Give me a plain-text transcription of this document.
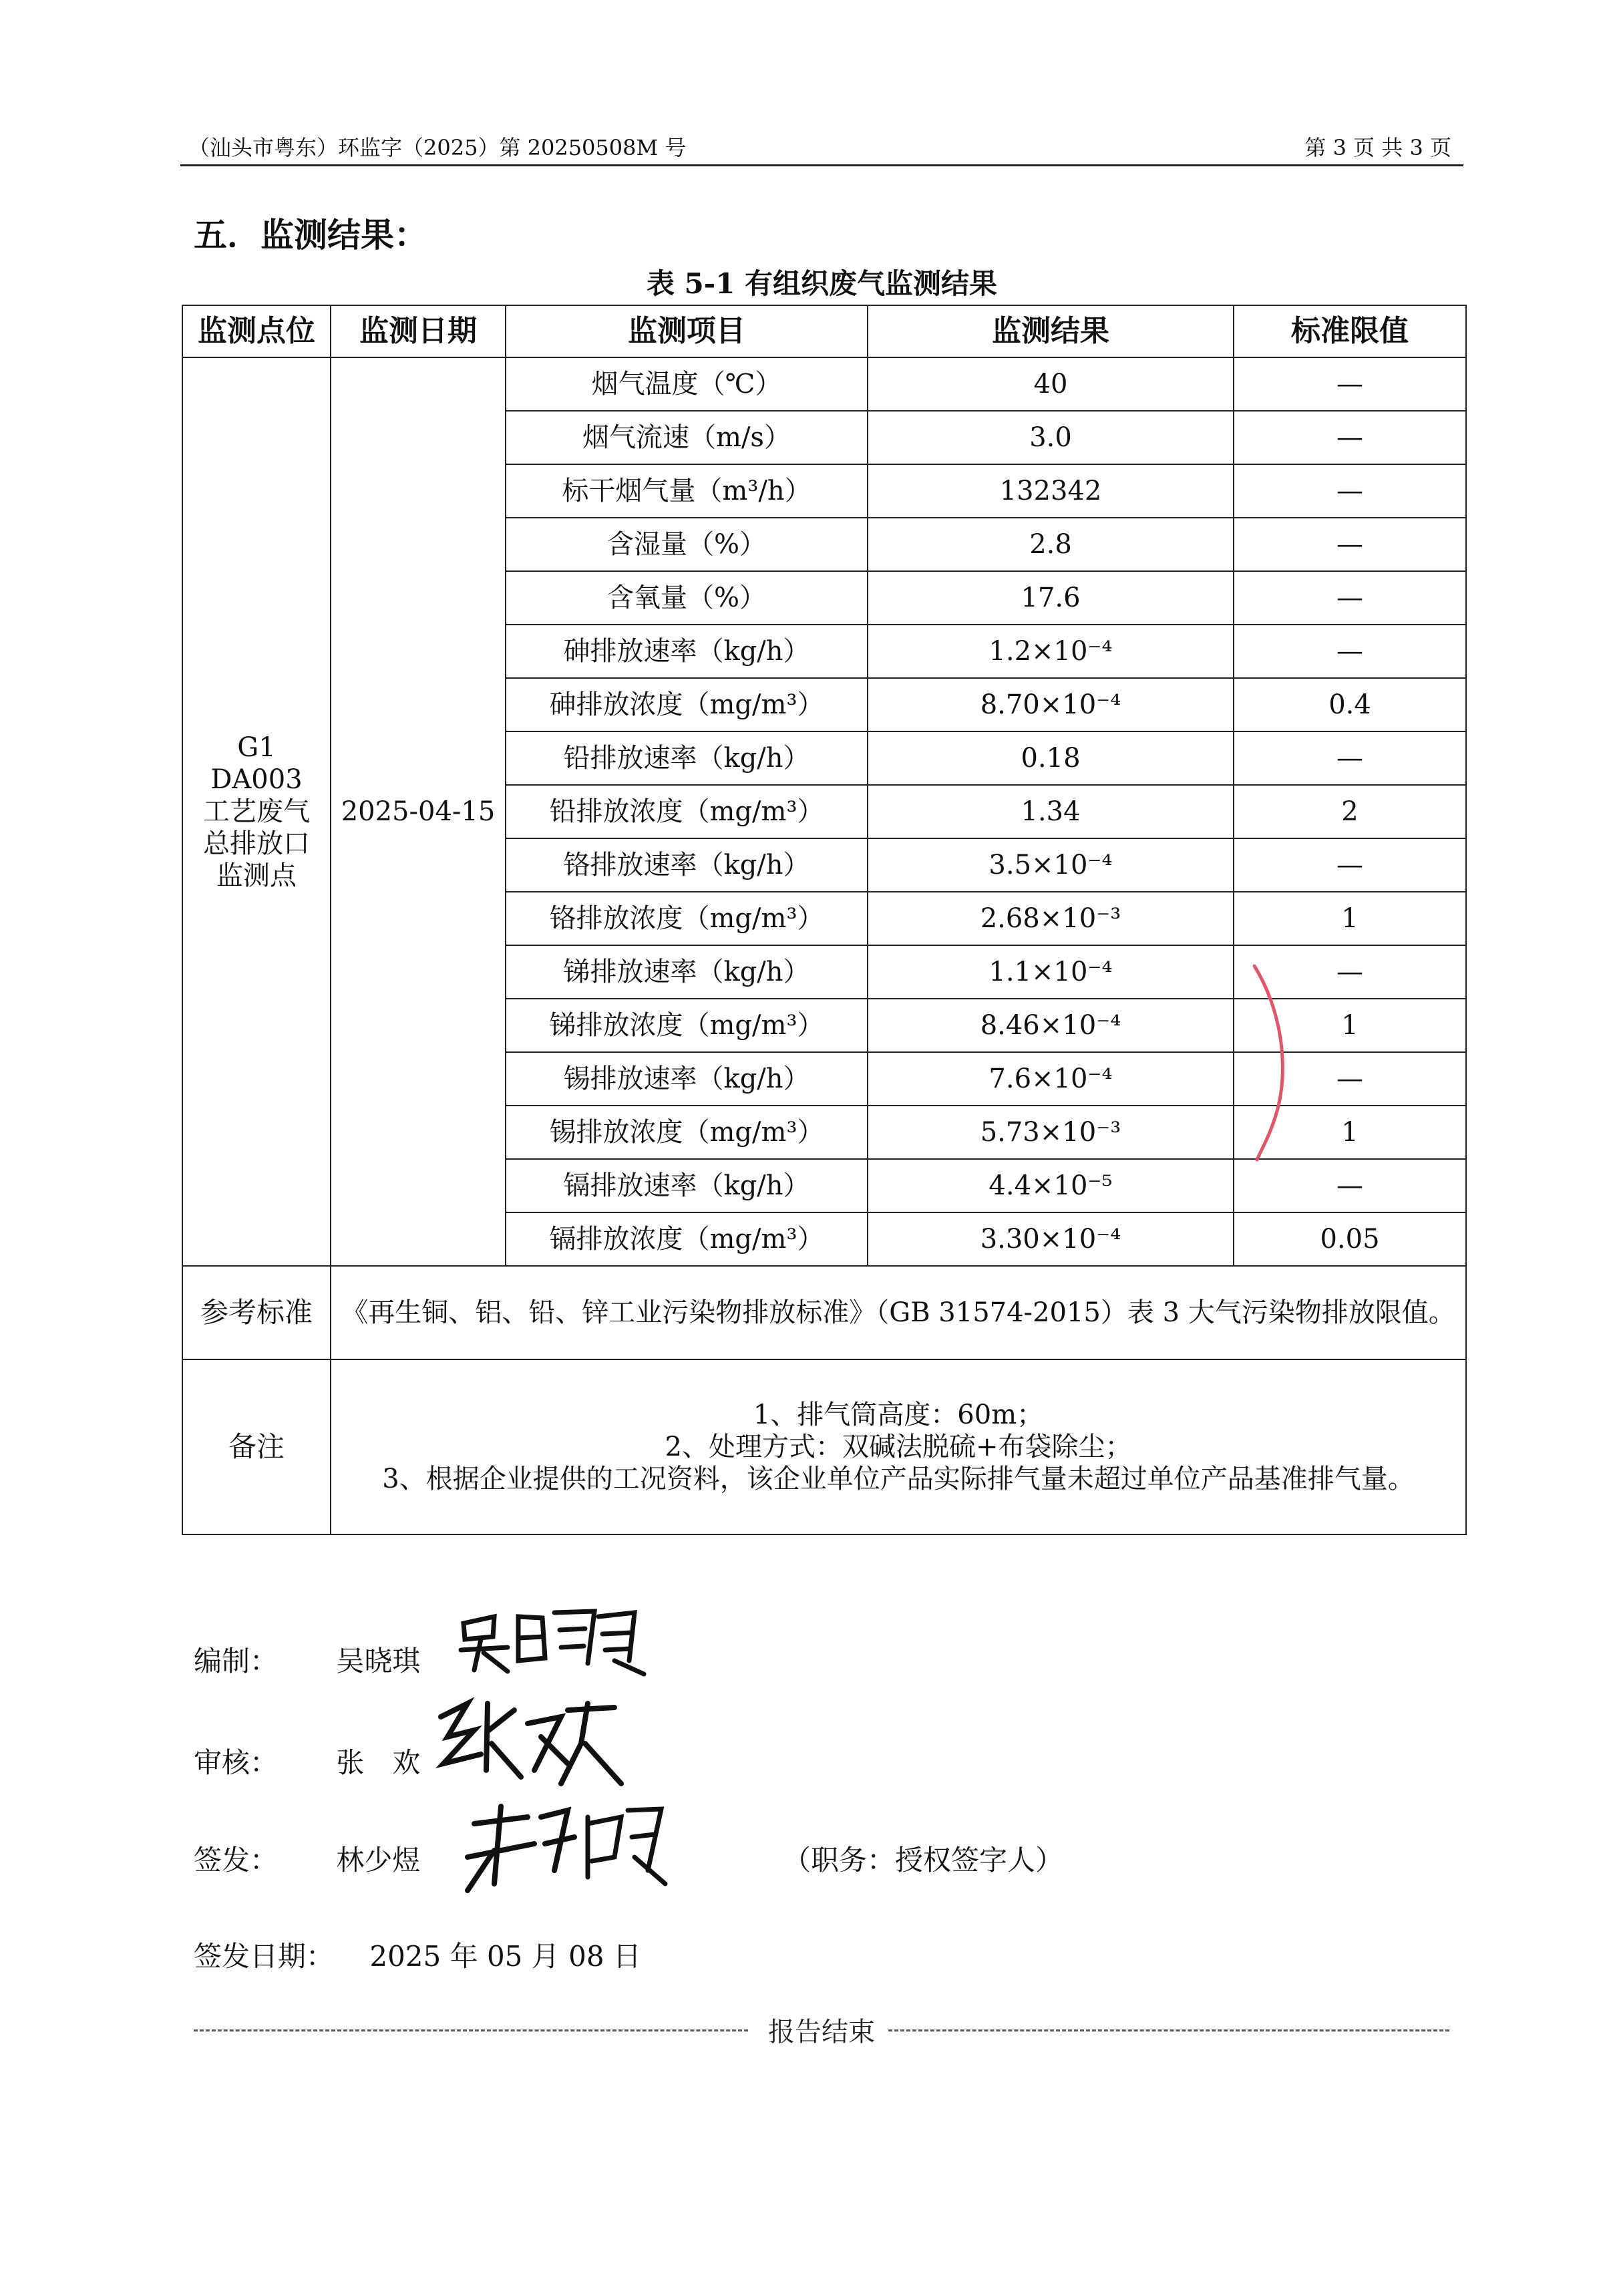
（汕头市粤东）环监字（2025）第 20250508M 号	第 3 页 共 3 页
五．监测结果：
表 5-1 有组织废气监测结果
监测点位	监测日期	监测项目	监测结果	标准限值

G1
DA003
工艺废气
总排放口
监测点	2025-04-15	烟气温度（℃）	40	—
		烟气流速（m/s）	3.0	—
		标干烟气量（m³/h）	132342	—
		含湿量（%）	2.8	—
		含氧量（%）	17.6	—
		砷排放速率（kg/h）	1.2×10⁻⁴	—
		砷排放浓度（mg/m³）	8.70×10⁻⁴	0.4
		铅排放速率（kg/h）	0.18	—
		铅排放浓度（mg/m³）	1.34	2
		铬排放速率（kg/h）	3.5×10⁻⁴	—
		铬排放浓度（mg/m³）	2.68×10⁻³	1
		锑排放速率（kg/h）	1.1×10⁻⁴	—
		锑排放浓度（mg/m³）	8.46×10⁻⁴	1
		锡排放速率（kg/h）	7.6×10⁻⁴	—
		锡排放浓度（mg/m³）	5.73×10⁻³	1
		镉排放速率（kg/h）	4.4×10⁻⁵	—
		镉排放浓度（mg/m³）	3.30×10⁻⁴	0.05
参考标准	《再生铜、铝、铅、锌工业污染物排放标准》（GB 31574-2015）表 3 大气污染物排放限值。			
备注	1、排气筒高度：60m；
2、处理方式：双碱法脱硫+布袋除尘；
3、根据企业提供的工况资料，该企业单位产品实际排气量未超过单位产品基准排气量。			
编制： 吴晓琪
审核： 张　欢
签发： 林少煜	（职务：授权签字人）
签发日期： 2025 年 05 月 08 日
报告结束
